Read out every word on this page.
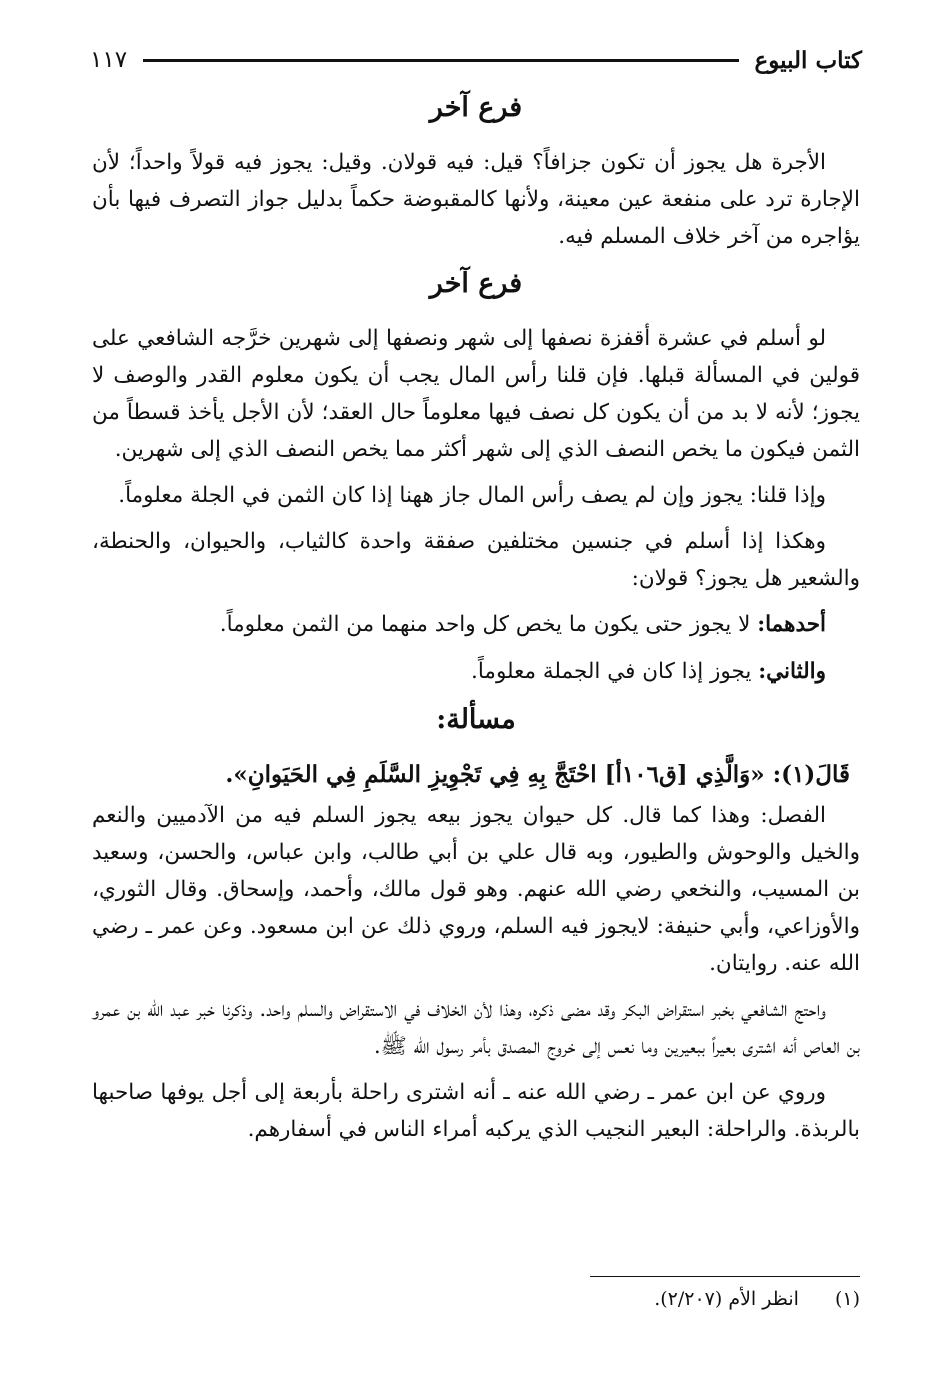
كتاب البيوع
١١٧
فرع آخر

الأجرة هل يجوز أن تكون جزافاً؟ قيل: فيه قولان. وقيل: يجوز فيه قولاً واحداً؛ لأن الإجارة ترد على منفعة عين معينة، ولأنها كالمقبوضة حكماً بدليل جواز التصرف فيها بأن يؤاجره من آخر خلاف المسلم فيه.

فرع آخر

لو أسلم في عشرة أقفزة نصفها إلى شهر ونصفها إلى شهرين خرَّجه الشافعي على قولين في المسألة قبلها. فإن قلنا رأس المال يجب أن يكون معلوم القدر والوصف لا يجوز؛ لأنه لا بد من أن يكون كل نصف فيها معلوماً حال العقد؛ لأن الأجل يأخذ قسطاً من الثمن فيكون ما يخص النصف الذي إلى شهر أكثر مما يخص النصف الذي إلى شهرين.

وإذا قلنا: يجوز وإن لم يصف رأس المال جاز ههنا إذا كان الثمن في الجلة معلوماً.

وهكذا إذا أسلم في جنسين مختلفين صفقة واحدة كالثياب، والحيوان، والحنطة، والشعير هل يجوز؟ قولان:

أحدهما: لا يجوز حتى يكون ما يخص كل واحد منهما من الثمن معلوماً.

والثاني: يجوز إذا كان في الجملة معلوماً.

مسألة:

قَالَ(١): «وَالَّذِي [ق١٠٦أ] احْتَجَّ بِهِ فِي تَجْوِيزِ السَّلَمِ فِي الحَيَوانِ».

الفصل: وهذا كما قال. كل حيوان يجوز بيعه يجوز السلم فيه من الآدميين والنعم والخيل والوحوش والطيور، وبه قال علي بن أبي طالب، وابن عباس، والحسن، وسعيد بن المسيب، والنخعي رضي الله عنهم. وهو قول مالك، وأحمد، وإسحاق. وقال الثوري، والأوزاعي، وأبي حنيفة: لايجوز فيه السلم، وروي ذلك عن ابن مسعود. وعن عمر ـ رضي الله عنه. روايتان.

واحتج الشافعي بخبر استقراض البكر وقد مضى ذكره، وهذا لأن الخلاف في الاستقراض والسلم واحد. وذكرنا خبر عبد الله بن عمرو بن العاص أنه اشترى بعيراً ببعيرين وما نعس إلى خروج المصدق بأمر رسول الله ﷺ.

وروي عن ابن عمر ـ رضي الله عنه ـ أنه اشترى راحلة بأربعة إلى أجل يوفها صاحبها بالربذة. والراحلة: البعير النجيب الذي يركبه أمراء الناس في أسفارهم.

(١) انظر الأم (٢/٢٠٧).
